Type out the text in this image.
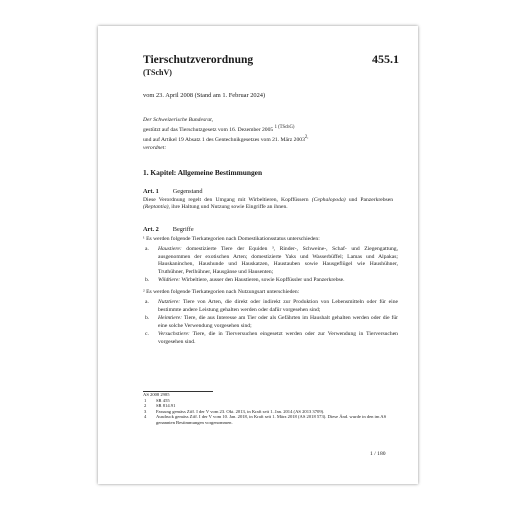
Tierschutzverordnung
(TSchV)
455.1
vom 23. April 2008 (Stand am 1. Februar 2024)
Der Schweizerische Bundesrat,
gestützt auf das Tierschutzgesetz vom 16. Dezember 2005 $^{1 (TSchG)}$
und auf Artikel 19 Absatz 1 des Gentechnikgesetzes vom 21. März $2003^{2,}$
verordnet:
1. Kapitel: Allgemeine Bestimmungen
Art. 1 Gegenstand
Diese Verordnung regelt den Umgang mit Wirbeltieren, Kopffüssern (Cephalopoda) und Panzerkrebsen (Reptantia), ihre Haltung und Nutzung sowie Eingriffe an ihnen.
Art. 2 Begriffe
¹ Es werden folgende Tierkategorien nach Domestikationsstatus unterschieden:
a. Haustiere: domestizierte Tiere der Equiden ³, Rinder-, Schweine-, Schaf- und Ziegengattung, ausgenommen der exotischen Arten; domestizierte Yaks und Wasserbüffel; Lamas und Alpakas; Hauskaninchen, Haushunde und Hauskatzen, Haustauben sowie Hausgeflügel wie Haushühner, Truthühner, Perlhühner, Hausgänse und Hausenten;
b. Wildtiere: Wirbeltiere, ausser den Haustieren, sowie Kopffüssler und Panzerkrebse.
² Es werden folgende Tierkategorien nach Nutzungsart unterschieden:
a. Nutztiere: Tiere von Arten, die direkt oder indirekt zur Produktion von Lebensmitteln oder für eine bestimmte andere Leistung gehalten werden oder dafür vorgesehen sind;
b. Heimtiere: Tiere, die aus Interesse am Tier oder als Gefährten im Haushalt gehalten werden oder die für eine solche Verwendung vorgesehen sind;
c. Versuchstiere: Tiere, die in Tierversuchen eingesetzt werden oder zur Verwendung in Tierversuchen vorgesehen sind.
AS 2008 2985
1 SR 455
2 SR 814.91
3 Fassung gemäss Ziff. I der V vom 23. Okt. 2013, in Kraft seit 1. Jan. 2014 (AS 2013 3709).
4 Ausdruck gemäss Ziff. I der V vom 10. Jan. 2018, in Kraft seit 1. März 2018 (AS 2018 573). Diese Änd. wurde in den im AS genannten Bestimmungen vorgenommen.
1 / 180
